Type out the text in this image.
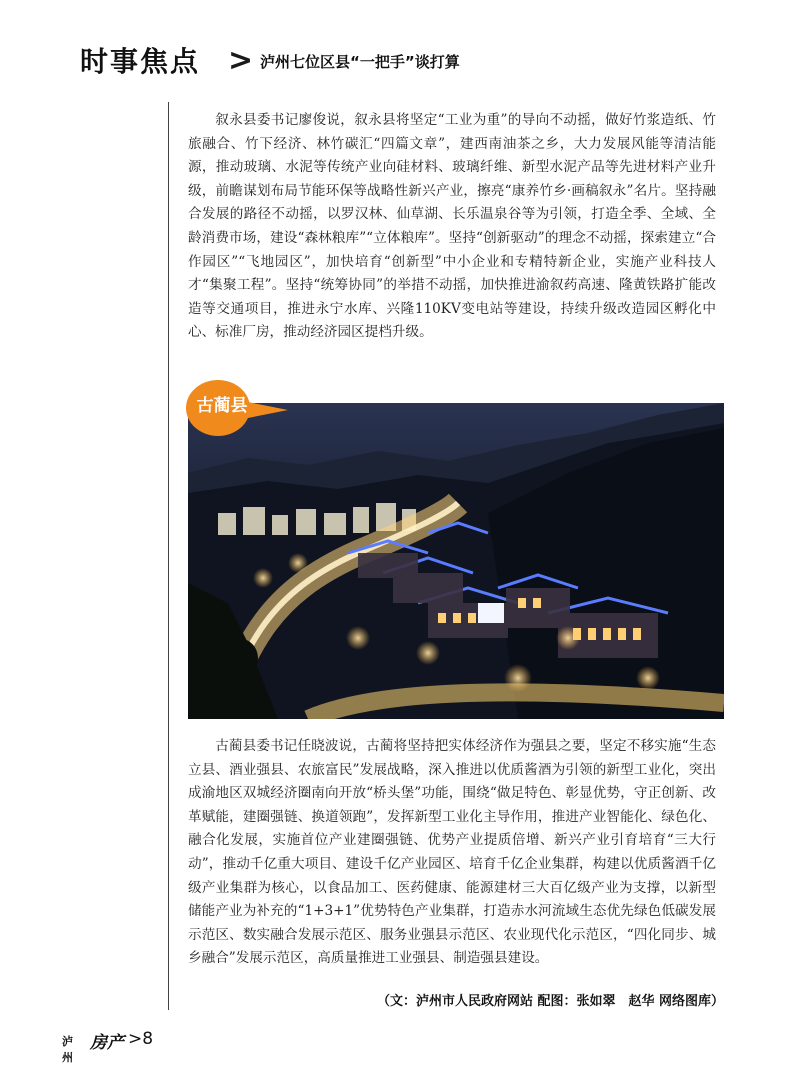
时事焦点 > 泸州七位区县“一把手”谈打算

叙永县委书记廖俊说，叙永县将坚定“工业为重”的导向不动摇，做好竹浆造纸、竹旅融合、竹下经济、林竹碳汇“四篇文章”，建西南油茶之乡，大力发展风能等清洁能源，推动玻璃、水泥等传统产业向硅材料、玻璃纤维、新型水泥产品等先进材料产业升级，前瞻谋划布局节能环保等战略性新兴产业，擦亮“康养竹乡·画稿叙永”名片。坚持融合发展的路径不动摇，以罗汉林、仙草湖、长乐温泉谷等为引领，打造全季、全域、全龄消费市场，建设“森林粮库”“立体粮库”。坚持“创新驱动”的理念不动摇，探索建立“合作园区”“飞地园区”，加快培育“创新型”中小企业和专精特新企业，实施产业科技人才“集聚工程”。坚持“统筹协同”的举措不动摇，加快推进渝叙药高速、隆黄铁路扩能改造等交通项目，推进永宁水库、兴隆110KV变电站等建设，持续升级改造园区孵化中心、标准厂房，推动经济园区提档升级。

古蔺县

古蔺县委书记任晓波说，古蔺将坚持把实体经济作为强县之要，坚定不移实施“生态立县、酒业强县、农旅富民”发展战略，深入推进以优质酱酒为引领的新型工业化，突出成渝地区双城经济圈南向开放“桥头堡”功能，围绕“做足特色、彰显优势，守正创新、改革赋能，建圈强链、换道领跑”，发挥新型工业化主导作用，推进产业智能化、绿色化、融合化发展，实施首位产业建圈强链、优势产业提质倍增、新兴产业引育培育“三大行动”，推动千亿重大项目、建设千亿产业园区、培育千亿企业集群，构建以优质酱酒千亿级产业集群为核心，以食品加工、医药健康、能源建材三大百亿级产业为支撑，以新型储能产业为补充的“1+3+1”优势特色产业集群，打造赤水河流域生态优先绿色低碳发展示范区、数实融合发展示范区、服务业强县示范区、农业现代化示范区，“四化同步、城乡融合”发展示范区，高质量推进工业强县、制造强县建设。

（文：泸州市人民政府网站 配图：张如翠　赵华 网络图库）
泸州
房产 >8
